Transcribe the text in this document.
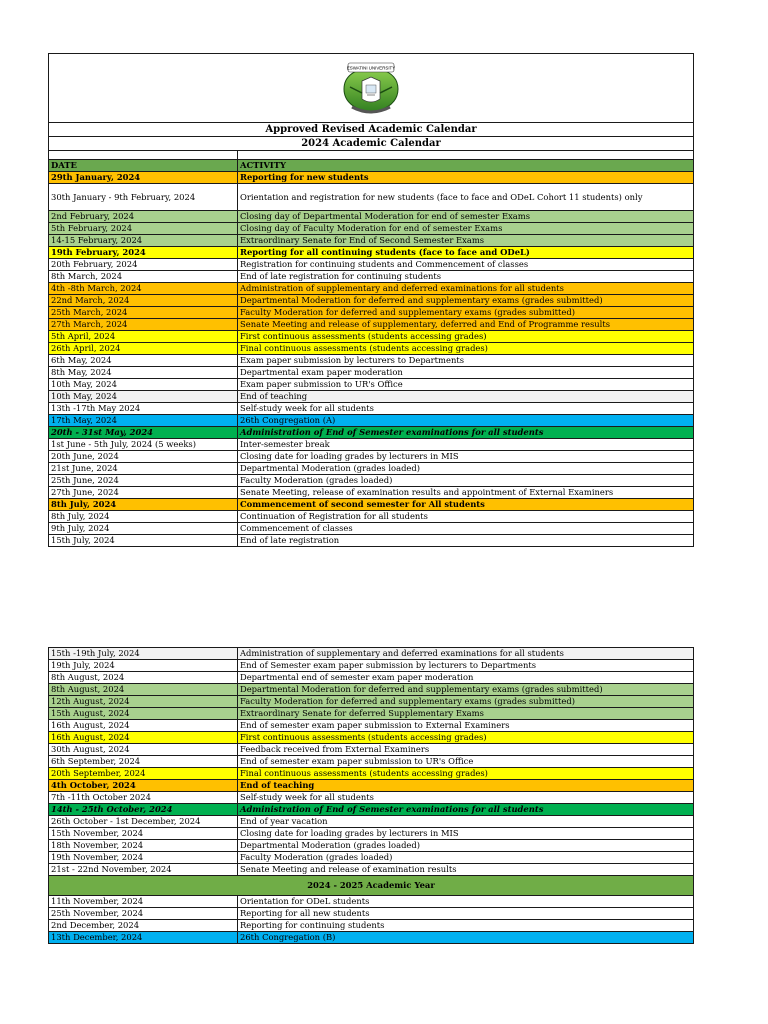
ESWATINI UNIVERSITY	

Approved Revised Academic Calendar	
2024 Academic Calendar	

DATE	ACTIVITY
29th January, 2024	Reporting for new students
30th January - 9th February, 2024	Orientation and registration for new students (face to face and ODeL Cohort 11 students) only
2nd February, 2024	Closing day of Departmental Moderation for end of semester Exams
5th February, 2024	Closing day of Faculty Moderation for end of semester Exams
14-15 February, 2024	Extraordinary Senate for End of Second Semester Exams
19th February, 2024	Reporting for all continuing students (face to face and ODeL)
20th February, 2024	Registration for continuing students and Commencement of classes
8th March, 2024	End of late registration for continuing students
4th -8th March, 2024	Administration of supplementary and deferred examinations for all students
22nd March, 2024	Departmental Moderation for deferred and supplementary exams (grades submitted)
25th March, 2024	Faculty Moderation for deferred and supplementary exams (grades submitted)
27th March, 2024	Senate Meeting and release of supplementary, deferred and End of Programme results
5th April, 2024	First continuous assessments (students accessing grades)
26th April, 2024	Final continuous assessments (students accessing grades)
6th May, 2024	Exam paper submission by lecturers to Departments
8th May, 2024	Departmental exam paper moderation
10th May, 2024	Exam paper submission to UR's Office
10th May, 2024	End of teaching
13th -17th May 2024	Self-study week for all students
17th May, 2024	26th Congregation (A)
20th - 31st May, 2024	Administration of End of Semester examinations for all students
1st June - 5th July, 2024 (5 weeks)	Inter-semester break
20th June, 2024	Closing date for loading grades by lecturers in MIS
21st June, 2024	Departmental Moderation (grades loaded)
25th June, 2024	Faculty Moderation (grades loaded)
27th June, 2024	Senate Meeting, release of examination results and appointment of External Examiners
8th July, 2024	Commencement of second semester for All students
8th July, 2024	Continuation of Registration for all students
9th July, 2024	Commencement of classes
15th July, 2024	End of late registration
15th -19th July, 2024	Administration of supplementary and deferred examinations for all students
19th July, 2024	End of Semester exam paper submission by lecturers to Departments
8th August, 2024	Departmental end of semester exam paper moderation
8th August, 2024	Departmental Moderation for deferred and supplementary exams (grades submitted)
12th August, 2024	Faculty Moderation for deferred and supplementary exams (grades submitted)
15th August, 2024	Extraordinary Senate for deferred Supplementary Exams
16th August, 2024	End of semester exam paper submission to External Examiners
16th August, 2024	First continuous assessments (students accessing grades)
30th August, 2024	Feedback received from External Examiners
6th September, 2024	End of semester exam paper submission to UR's Office
20th September, 2024	Final continuous assessments (students accessing grades)
4th October, 2024	End of teaching
7th -11th October 2024	Self-study week for all students
14th - 25th October, 2024	Administration of End of Semester examinations for all students
26th October - 1st December, 2024	End of year vacation
15th November, 2024	Closing date for loading grades by lecturers in MIS
18th November, 2024	Departmental Moderation (grades loaded)
19th November, 2024	Faculty Moderation (grades loaded)
21st - 22nd November, 2024	Senate Meeting and release of examination results
2024 - 2025 Academic Year	
11th November, 2024	Orientation for ODeL students
25th November, 2024	Reporting for all new students
2nd December, 2024	Reporting for continuing students
13th December, 2024	26th Congregation (B)
